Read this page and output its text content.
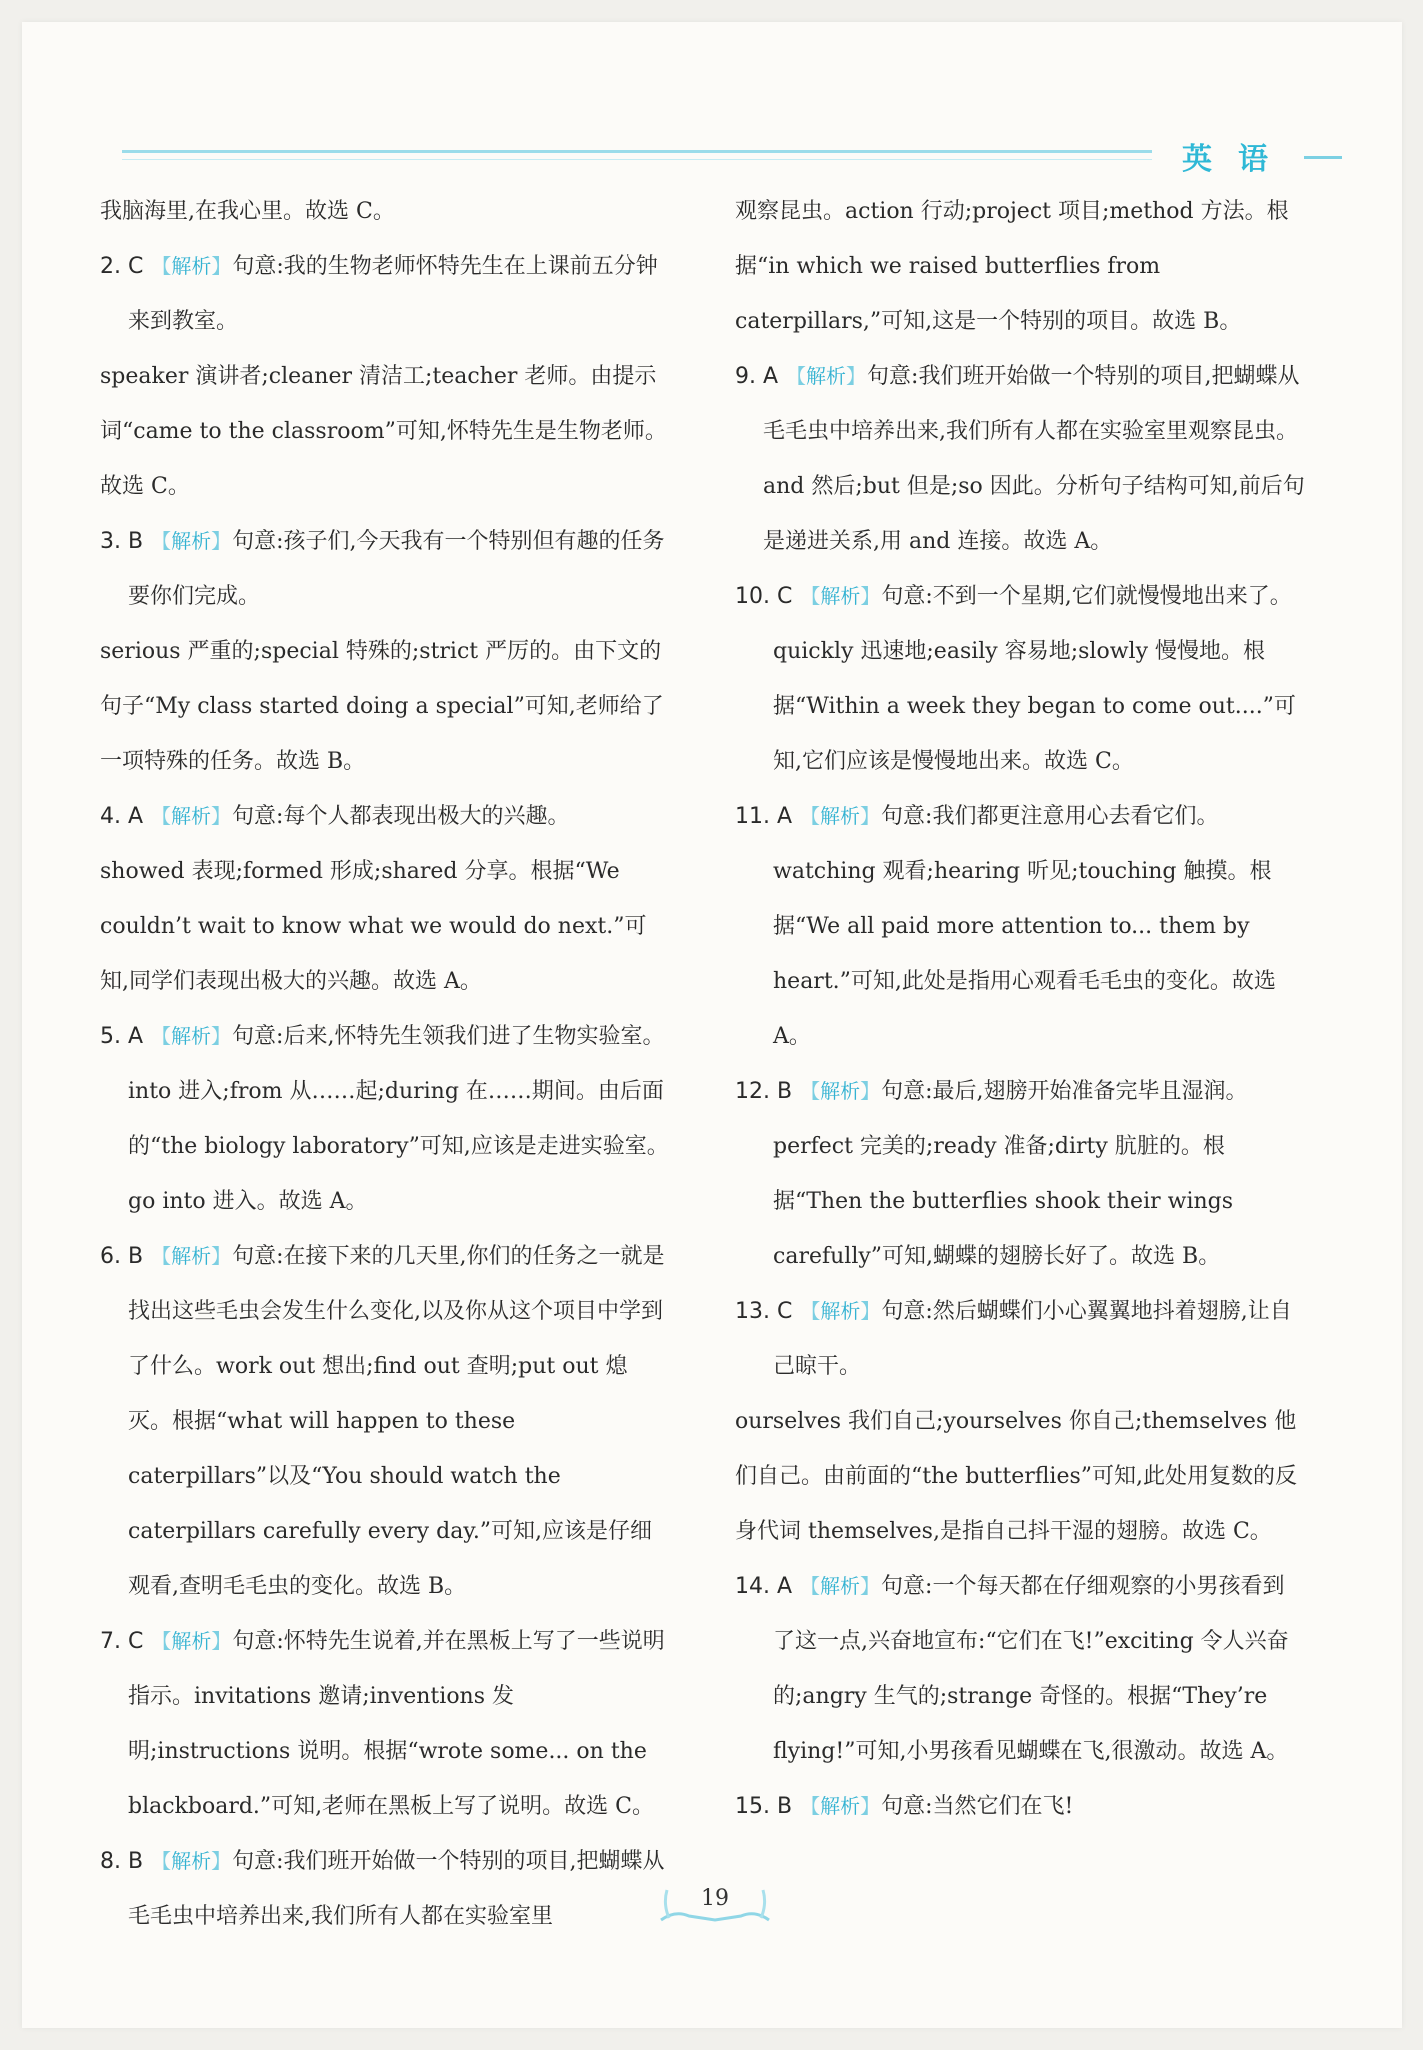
英语

我脑海里,在我心里。故选 C。

2. C 【解析】句意:我的生物老师怀特先生在上课前五分钟来到教室。

speaker 演讲者;cleaner 清洁工;teacher 老师。由提示词“came to the classroom”可知,怀特先生是生物老师。故选 C。

3. B 【解析】句意:孩子们,今天我有一个特别但有趣的任务要你们完成。

serious 严重的;special 特殊的;strict 严厉的。由下文的句子“My class started doing a special”可知,老师给了一项特殊的任务。故选 B。

4. A 【解析】句意:每个人都表现出极大的兴趣。

showed 表现;formed 形成;shared 分享。根据“We couldn’t wait to know what we would do next.”可知,同学们表现出极大的兴趣。故选 A。

5. A 【解析】句意:后来,怀特先生领我们进了生物实验室。into 进入;from 从……起;during 在……期间。由后面的“the biology laboratory”可知,应该是走进实验室。go into 进入。故选 A。

6. B 【解析】句意:在接下来的几天里,你们的任务之一就是找出这些毛虫会发生什么变化,以及你从这个项目中学到了什么。work out 想出;find out 查明;put out 熄灭。根据“what will happen to these caterpillars”以及“You should watch the caterpillars carefully every day.”可知,应该是仔细观看,查明毛毛虫的变化。故选 B。

7. C 【解析】句意:怀特先生说着,并在黑板上写了一些说明指示。invitations 邀请;inventions 发明;instructions 说明。根据“wrote some... on the blackboard.”可知,老师在黑板上写了说明。故选 C。

8. B 【解析】句意:我们班开始做一个特别的项目,把蝴蝶从毛毛虫中培养出来,我们所有人都在实验室里

观察昆虫。action 行动;project 项目;method 方法。根据“in which we raised butterflies from caterpillars,”可知,这是一个特别的项目。故选 B。

9. A 【解析】句意:我们班开始做一个特别的项目,把蝴蝶从毛毛虫中培养出来,我们所有人都在实验室里观察昆虫。and 然后;but 但是;so 因此。分析句子结构可知,前后句是递进关系,用 and 连接。故选 A。

10. C 【解析】句意:不到一个星期,它们就慢慢地出来了。quickly 迅速地;easily 容易地;slowly 慢慢地。根据“Within a week they began to come out....”可知,它们应该是慢慢地出来。故选 C。

11. A 【解析】句意:我们都更注意用心去看它们。watching 观看;hearing 听见;touching 触摸。根据“We all paid more attention to... them by heart.”可知,此处是指用心观看毛毛虫的变化。故选 A。

12. B 【解析】句意:最后,翅膀开始准备完毕且湿润。perfect 完美的;ready 准备;dirty 肮脏的。根据“Then the butterflies shook their wings carefully”可知,蝴蝶的翅膀长好了。故选 B。

13. C 【解析】句意:然后蝴蝶们小心翼翼地抖着翅膀,让自己晾干。

ourselves 我们自己;yourselves 你自己;themselves 他们自己。由前面的“the butterflies”可知,此处用复数的反身代词 themselves,是指自己抖干湿的翅膀。故选 C。

14. A 【解析】句意:一个每天都在仔细观察的小男孩看到了这一点,兴奋地宣布:“它们在飞!”exciting 令人兴奋的;angry 生气的;strange 奇怪的。根据“They’re flying!”可知,小男孩看见蝴蝶在飞,很激动。故选 A。

15. B 【解析】句意:当然它们在飞!

19
